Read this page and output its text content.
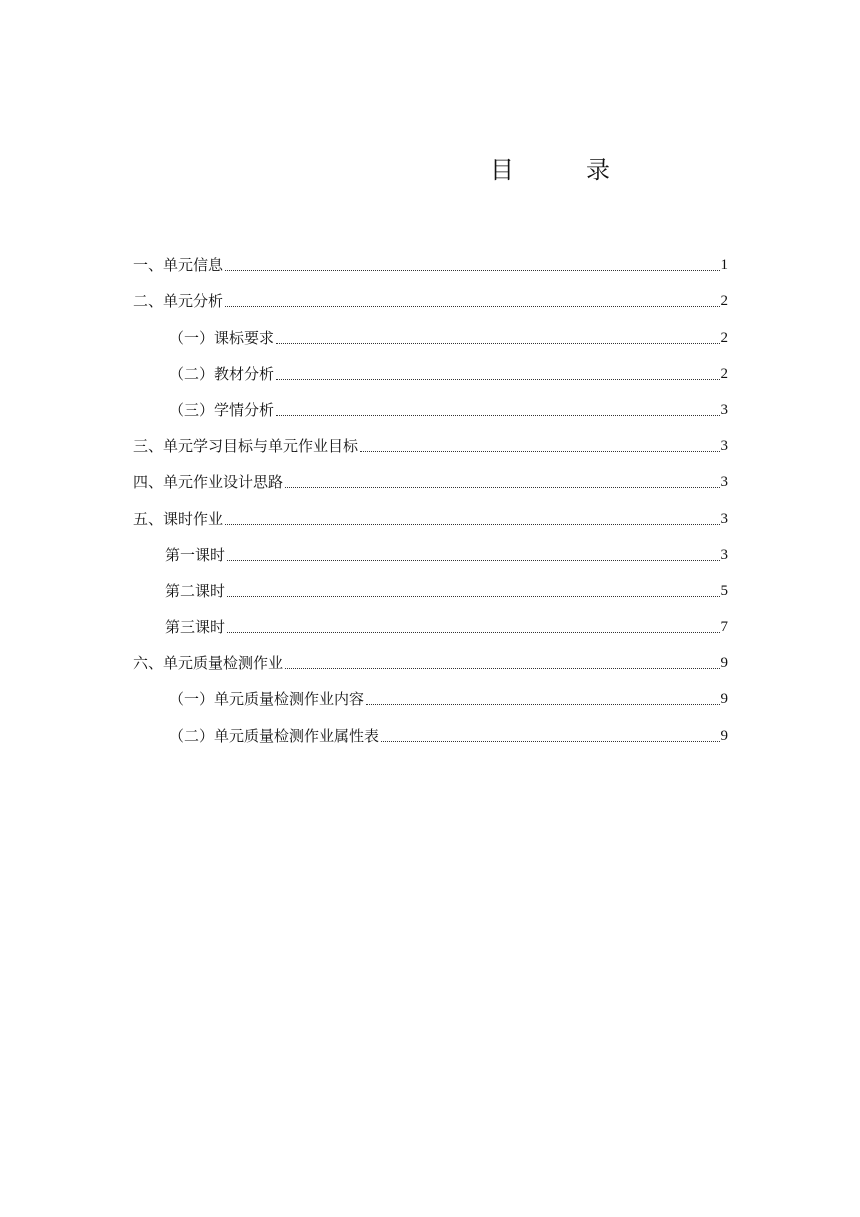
目　录
一、单元信息	1
二、单元分析	2
（一）课标要求	2
（二）教材分析	2
（三）学情分析	3
三、单元学习目标与单元作业目标	3
四、单元作业设计思路	3
五、课时作业	3
第一课时	3
第二课时	5
第三课时	7
六、单元质量检测作业	9
（一）单元质量检测作业内容	9
（二）单元质量检测作业属性表	9
